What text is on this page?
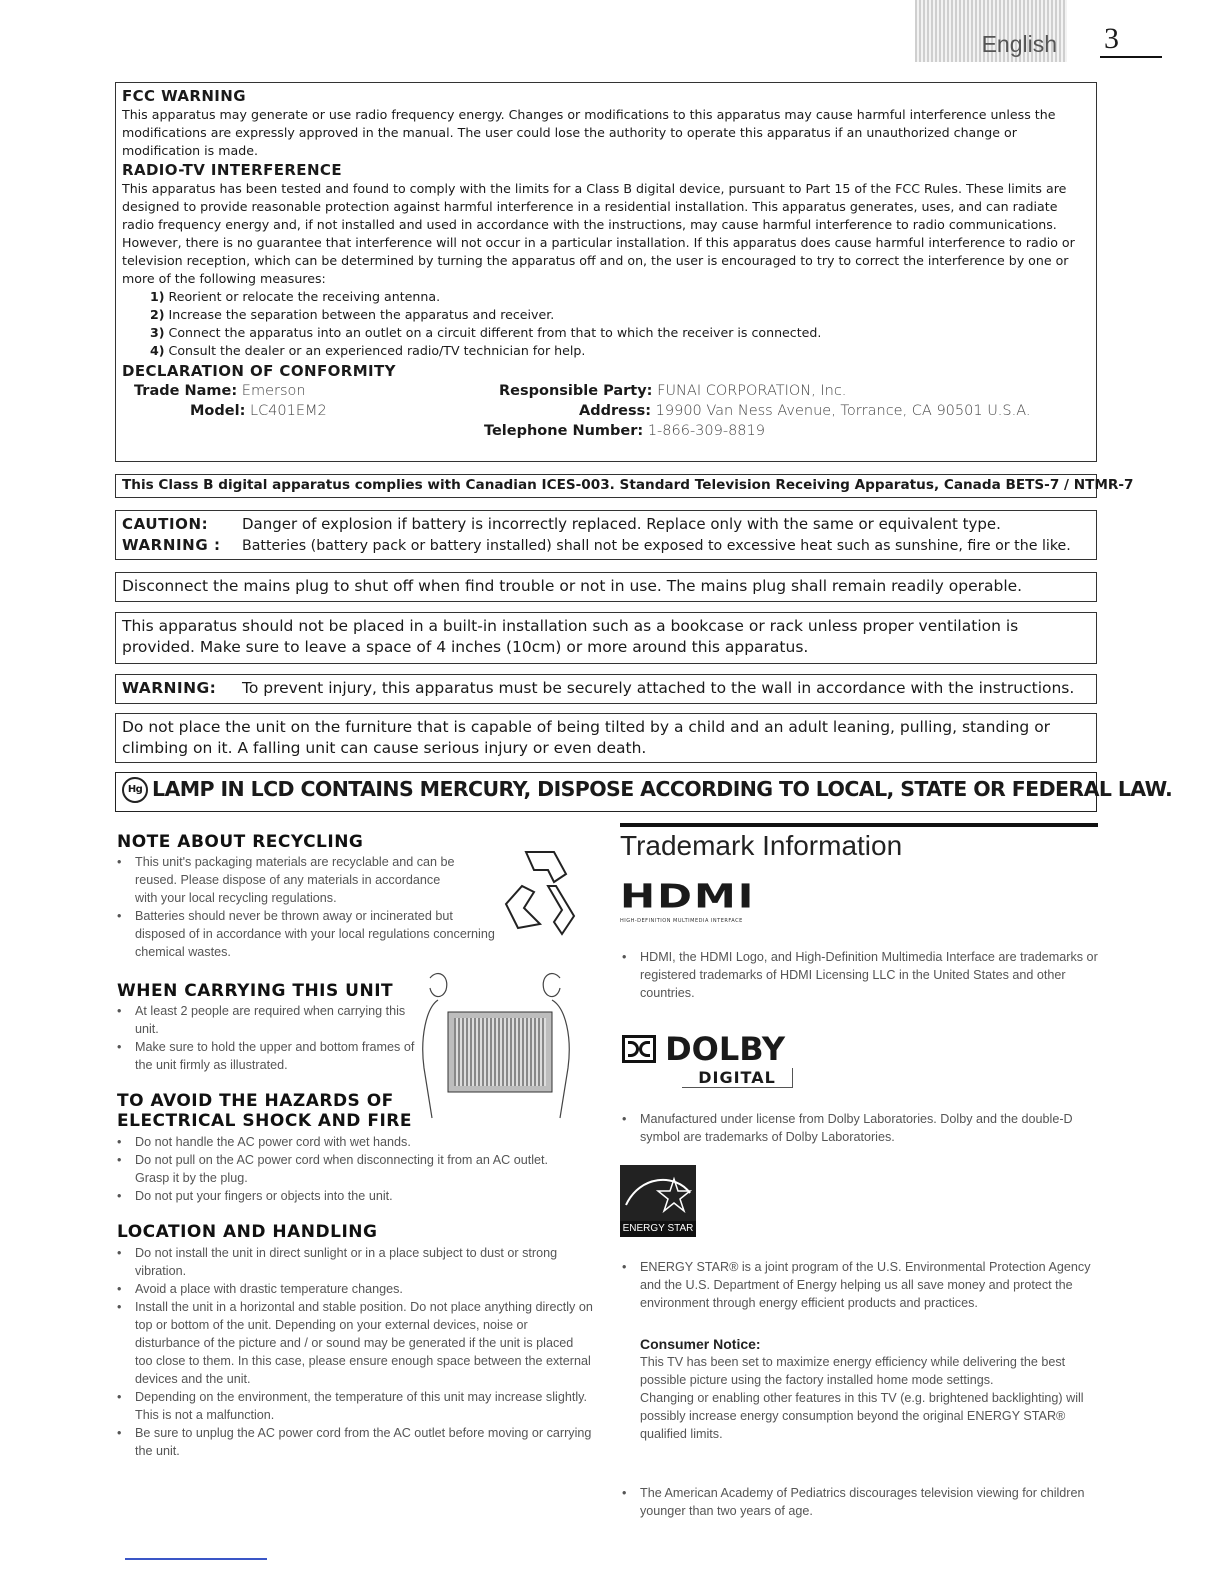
English 3

FCC WARNING

This apparatus may generate or use radio frequency energy. Changes or modifications to this apparatus may cause harmful interference unless the modifications are expressly approved in the manual. The user could lose the authority to operate this apparatus if an unauthorized change or modification is made.

RADIO-TV INTERFERENCE

This apparatus has been tested and found to comply with the limits for a Class B digital device, pursuant to Part 15 of the FCC Rules. These limits are designed to provide reasonable protection against harmful interference in a residential installation. This apparatus generates, uses, and can radiate radio frequency energy and, if not installed and used in accordance with the instructions, may cause harmful interference to radio communications. However, there is no guarantee that interference will not occur in a particular installation. If this apparatus does cause harmful interference to radio or television reception, which can be determined by turning the apparatus off and on, the user is encouraged to try to correct the interference by one or more of the following measures:

1) Reorient or relocate the receiving antenna.
2) Increase the separation between the apparatus and receiver.
3) Connect the apparatus into an outlet on a circuit different from that to which the receiver is connected.
4) Consult the dealer or an experienced radio/TV technician for help.

DECLARATION OF CONFORMITY

Trade Name: Emerson
Model: LC401EM2
Responsible Party: FUNAI CORPORATION, Inc.
Address: 19900 Van Ness Avenue, Torrance, CA 90501 U.S.A.
Telephone Number: 1-866-309-8819
This Class B digital apparatus complies with Canadian ICES-003. Standard Television Receiving Apparatus, Canada BETS-7 / NTMR-7
CAUTION: Danger of explosion if battery is incorrectly replaced. Replace only with the same or equivalent type.
WARNING : Batteries (battery pack or battery installed) shall not be exposed to excessive heat such as sunshine, fire or the like.
Disconnect the mains plug to shut off when find trouble or not in use. The mains plug shall remain readily operable.
This apparatus should not be placed in a built-in installation such as a bookcase or rack unless proper ventilation is provided. Make sure to leave a space of 4 inches (10cm) or more around this apparatus.
WARNING: To prevent injury, this apparatus must be securely attached to the wall in accordance with the instructions.
Do not place the unit on the furniture that is capable of being tilted by a child and an adult leaning, pulling, standing or climbing on it. A falling unit can cause serious injury or even death.
Hg LAMP IN LCD CONTAINS MERCURY, DISPOSE ACCORDING TO LOCAL, STATE OR FEDERAL LAW.
NOTE ABOUT RECYCLING
• This unit's packaging materials are recyclable and can be reused. Please dispose of any materials in accordance with your local recycling regulations.
• Batteries should never be thrown away or incinerated but disposed of in accordance with your local regulations concerning chemical wastes.
WHEN CARRYING THIS UNIT
• At least 2 people are required when carrying this unit.
• Make sure to hold the upper and bottom frames of the unit firmly as illustrated.
TO AVOID THE HAZARDS OF
ELECTRICAL SHOCK AND FIRE
• Do not handle the AC power cord with wet hands.
• Do not pull on the AC power cord when disconnecting it from an AC outlet. Grasp it by the plug.
• Do not put your fingers or objects into the unit.
LOCATION AND HANDLING
• Do not install the unit in direct sunlight or in a place subject to dust or strong vibration.
• Avoid a place with drastic temperature changes.
• Install the unit in a horizontal and stable position. Do not place anything directly on top or bottom of the unit. Depending on your external devices, noise or disturbance of the picture and / or sound may be generated if the unit is placed too close to them. In this case, please ensure enough space between the external devices and the unit.
• Depending on the environment, the temperature of this unit may increase slightly. This is not a malfunction.
• Be sure to unplug the AC power cord from the AC outlet before moving or carrying the unit.
Trademark Information
HDMI
HIGH-DEFINITION MULTIMEDIA INTERFACE
• HDMI, the HDMI Logo, and High-Definition Multimedia Interface are trademarks or registered trademarks of HDMI Licensing LLC in the United States and other countries.
DOLBY
DIGITAL
• Manufactured under license from Dolby Laboratories. Dolby and the double-D symbol are trademarks of Dolby Laboratories.
ENERGY STAR
• ENERGY STAR® is a joint program of the U.S. Environmental Protection Agency and the U.S. Department of Energy helping us all save money and protect the environment through energy efficient products and practices.
Consumer Notice:
This TV has been set to maximize energy efficiency while delivering the best possible picture using the factory installed home mode settings.
Changing or enabling other features in this TV (e.g. brightened backlighting) will possibly increase energy consumption beyond the original ENERGY STAR® qualified limits.
• The American Academy of Pediatrics discourages television viewing for children younger than two years of age.
